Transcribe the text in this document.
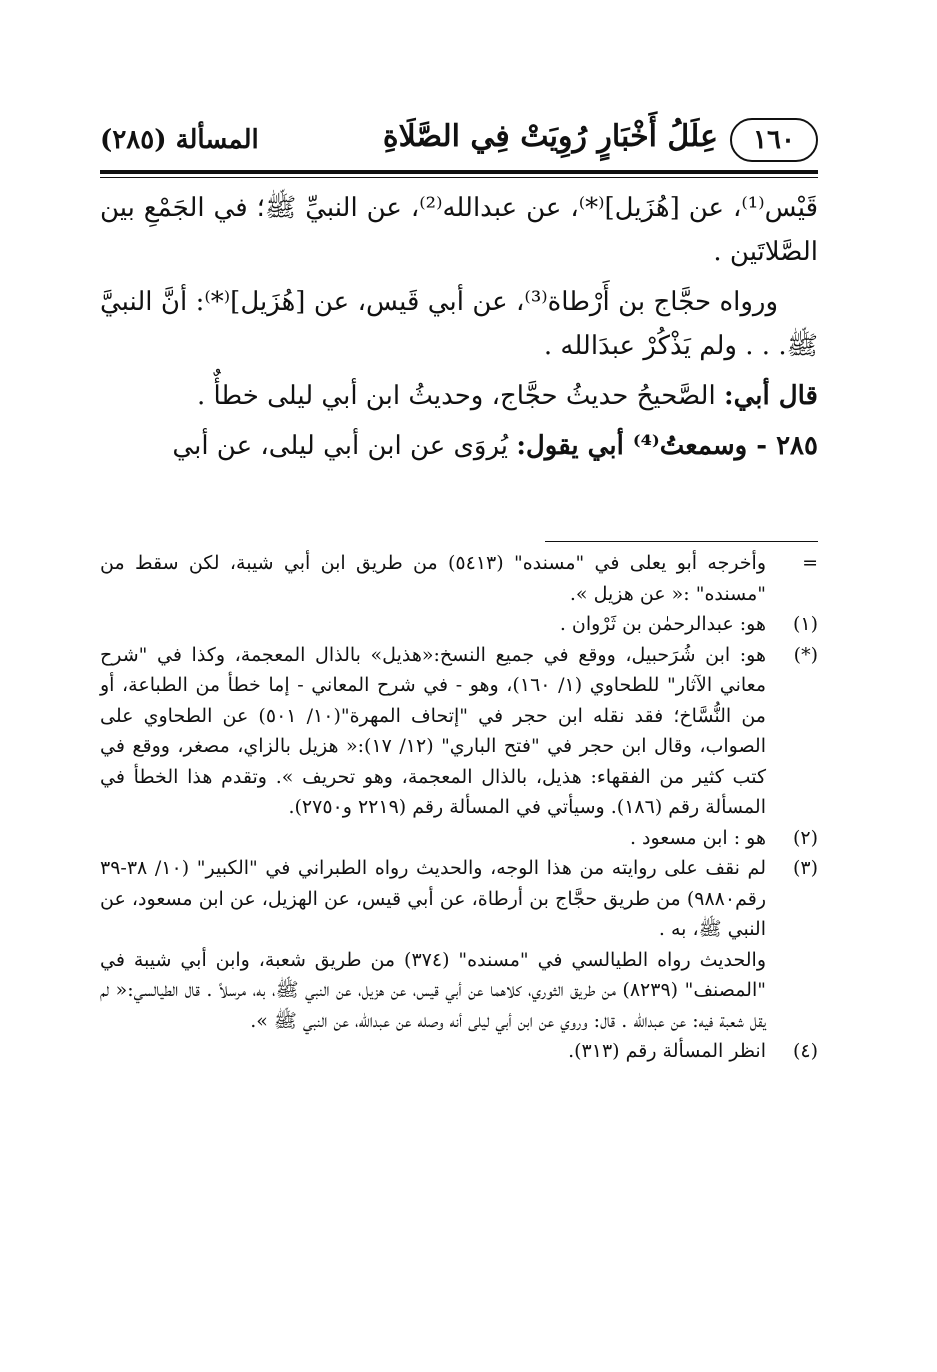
١٦٠
عِلَلُ أَخْبَارٍ رُوِيَتْ فِي الصَّلَاةِ
المسألة (٢٨٥)

قَيْس⁽¹⁾، عن [هُزَيل]⁽*⁾، عن عبدالله⁽²⁾، عن النبيِّ ﷺ؛ في الجَمْعِ بين الصَّلاتَين .

ورواه حجَّاج بن أَرْطاة⁽³⁾، عن أبي قَيس، عن [هُزَيل]⁽*⁾: أنَّ النبيَّ ﷺ. . . ولم يَذْكُرْ عبدَالله .

قال أبي: الصَّحيحُ حديثُ حجَّاج، وحديثُ ابن أبي ليلى خطأٌ .

٢٨٥ - وسمعتُ⁽⁴⁾ أبي يقول: يُروَى عن ابن أبي ليلى، عن أبي

=
وأخرجه أبو يعلى في "مسنده" (٥٤١٣) من طريق ابن أبي شيبة، لكن سقط من "مسنده" :« عن هزيل ».
(١)
هو: عبدالرحمٰن بن ثَرْوان .
(*)
هو: ابن شُرَحبيل، ووقع في جميع النسخ:«هذيل» بالذال المعجمة، وكذا في "شرح معاني الآثار" للطحاوي (١/ ١٦٠)، وهو - في شرح المعاني - إما خطأ من الطباعة، أو من النُّسَّاخ؛ فقد نقله ابن حجر في "إتحاف المهرة"(١٠/ ٥٠١) عن الطحاوي على الصواب، وقال ابن حجر في "فتح الباري" (١٢/ ١٧):« هزيل بالزاي، مصغر، ووقع في كتب كثير من الفقهاء: هذيل، بالذال المعجمة، وهو تحريف ». وتقدم هذا الخطأ في المسألة رقم (١٨٦). وسيأتي في المسألة رقم (٢٢١٩ و٢٧٥٠).
(٢)
هو : ابن مسعود .
(٣)
لم نقف على روايته من هذا الوجه، والحديث رواه الطبراني في "الكبير" (١٠/ ٣٨-٣٩ رقم٩٨٨٠) من طريق حجَّاج بن أرطاة، عن أبي قيس، عن الهزيل، عن ابن مسعود، عن النبي ﷺ، به .
والحديث رواه الطيالسي في "مسنده" (٣٧٤) من طريق شعبة، وابن أبي شيبة في "المصنف" (٨٢٣٩) من طريق الثوري، كلاهما عن أبي قيس، عن هزيل، عن النبي ﷺ، به، مرسلاً . قال الطيالسي:« لم يقل شعبة فيه: عن عبدالله . قال: وروي عن ابن أبي ليلى أنه وصله عن عبدالله، عن النبي ﷺ ».
(٤)
انظر المسألة رقم (٣١٣).
